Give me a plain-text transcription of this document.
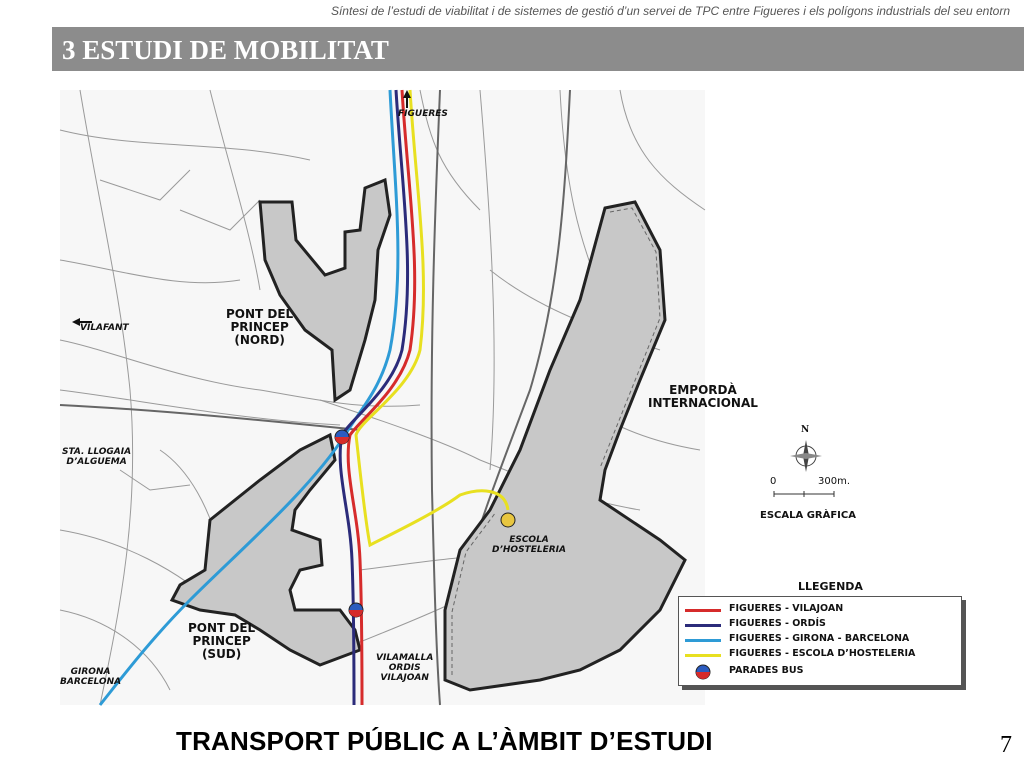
Síntesi de l’estudi de viabilitat i de sistemes de gestió d’un servei de TPC entre Figueres i els polígons industrials del seu entorn
3 ESTUDI DE MOBILITAT
FIGUERES
VILAFANT
PONT DEL
PRINCEP
(NORD)
EMPORDÀ
INTERNACIONAL
STA. LLOGAIA
D’ALGUEMA
ESCOLA
D’HOSTELERIA
PONT DEL
PRINCEP
(SUD)
GIRONA
BARCELONA
VILAMALLA
ORDIS
VILAJOAN
N
0	300m.
ESCALA GRÀFICA
LLEGENDA
FIGUERES - VILAJOAN
FIGUERES - ORDÍS
FIGUERES - GIRONA - BARCELONA
FIGUERES - ESCOLA D’HOSTELERIA
PARADES BUS
TRANSPORT PÚBLIC A L’ÀMBIT D’ESTUDI	7
